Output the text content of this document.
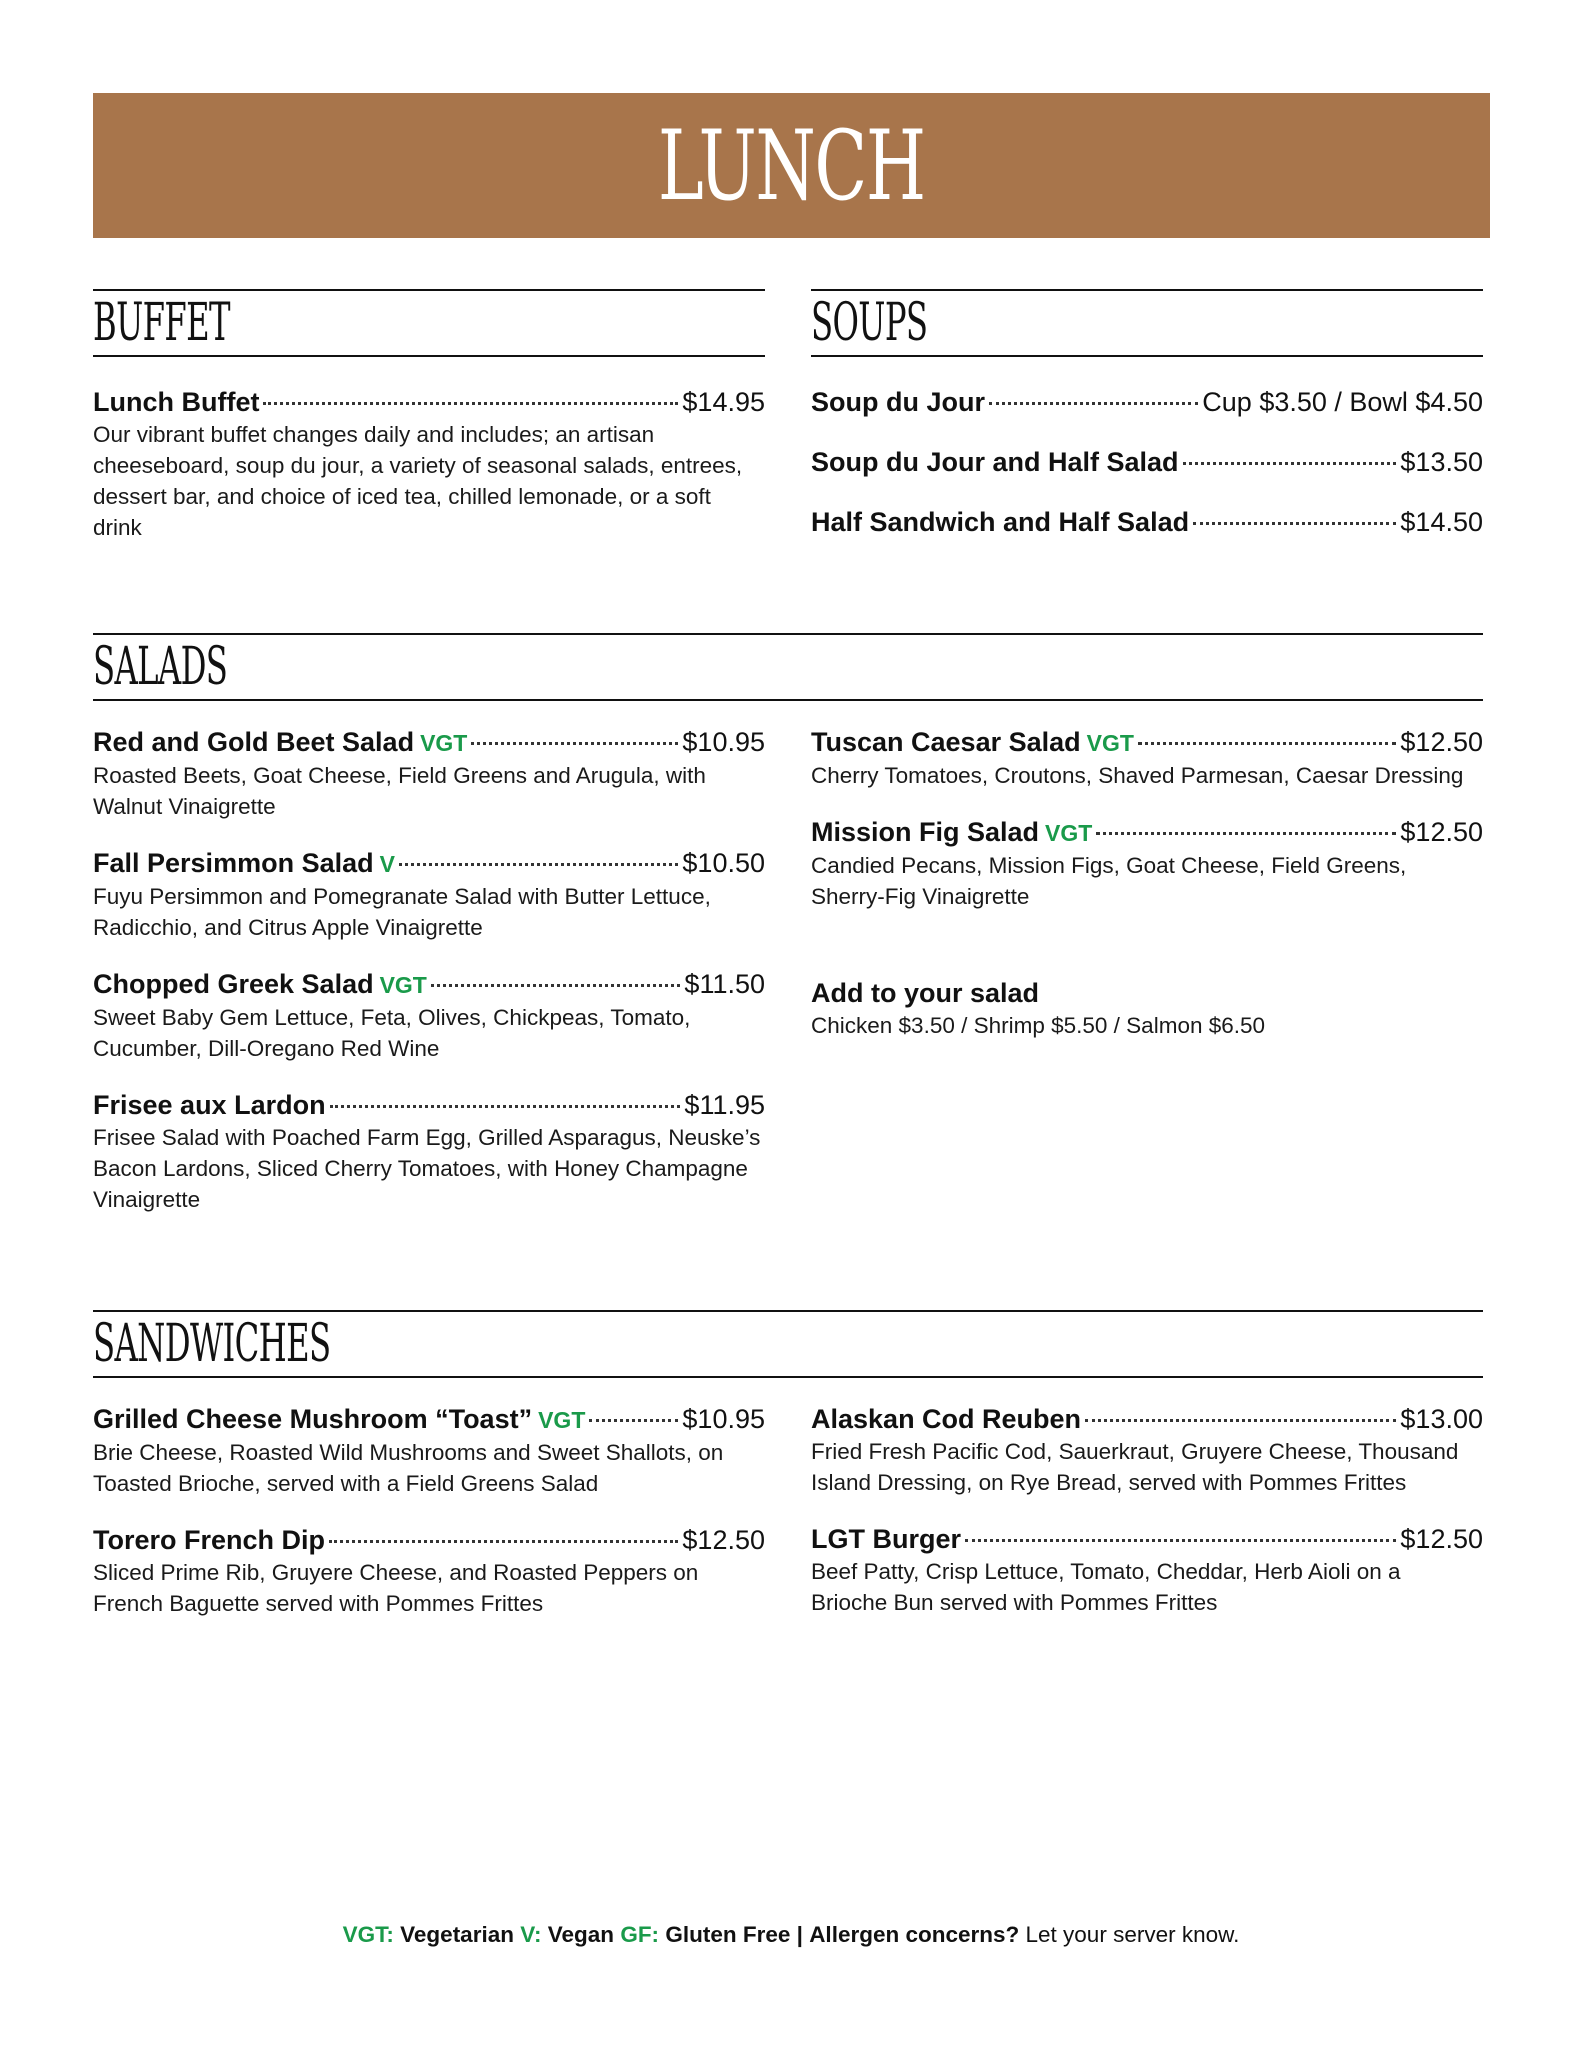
LUNCH
BUFFET
Lunch Buffet	$14.95
Our vibrant buffet changes daily and includes; an artisan cheeseboard, soup du jour, a variety of seasonal salads, entrees, dessert bar, and choice of iced tea, chilled lemonade, or a soft drink
SOUPS
Soup du Jour	Cup $3.50 / Bowl $4.50
Soup du Jour and Half Salad	$13.50
Half Sandwich and Half Salad	$14.50
SALADS
Red and Gold Beet Salad VGT	$10.95
Roasted Beets, Goat Cheese, Field Greens and Arugula, with Walnut Vinaigrette
Fall Persimmon Salad V	$10.50
Fuyu Persimmon and Pomegranate Salad with Butter Lettuce, Radicchio, and Citrus Apple Vinaigrette
Chopped Greek Salad VGT	$11.50
Sweet Baby Gem Lettuce, Feta, Olives, Chickpeas, Tomato, Cucumber, Dill-Oregano Red Wine
Frisee aux Lardon	$11.95
Frisee Salad with Poached Farm Egg, Grilled Asparagus, Neuske’s Bacon Lardons, Sliced Cherry Tomatoes, with Honey Champagne Vinaigrette
Tuscan Caesar Salad VGT	$12.50
Cherry Tomatoes, Croutons, Shaved Parmesan, Caesar Dressing
Mission Fig Salad VGT	$12.50
Candied Pecans, Mission Figs, Goat Cheese, Field Greens, Sherry-Fig Vinaigrette
Add to your salad
Chicken $3.50 / Shrimp $5.50 / Salmon $6.50
SANDWICHES
Grilled Cheese Mushroom “Toast” VGT	$10.95
Brie Cheese, Roasted Wild Mushrooms and Sweet Shallots, on Toasted Brioche, served with a Field Greens Salad
Torero French Dip	$12.50
Sliced Prime Rib, Gruyere Cheese, and Roasted Peppers on French Baguette served with Pommes Frittes
Alaskan Cod Reuben	$13.00
Fried Fresh Pacific Cod, Sauerkraut, Gruyere Cheese, Thousand Island Dressing, on Rye Bread, served with Pommes Frittes
LGT Burger	$12.50
Beef Patty, Crisp Lettuce, Tomato, Cheddar, Herb Aioli on a Brioche Bun served with Pommes Frittes
VGT: Vegetarian V: Vegan GF: Gluten Free | Allergen concerns? Let your server know.
